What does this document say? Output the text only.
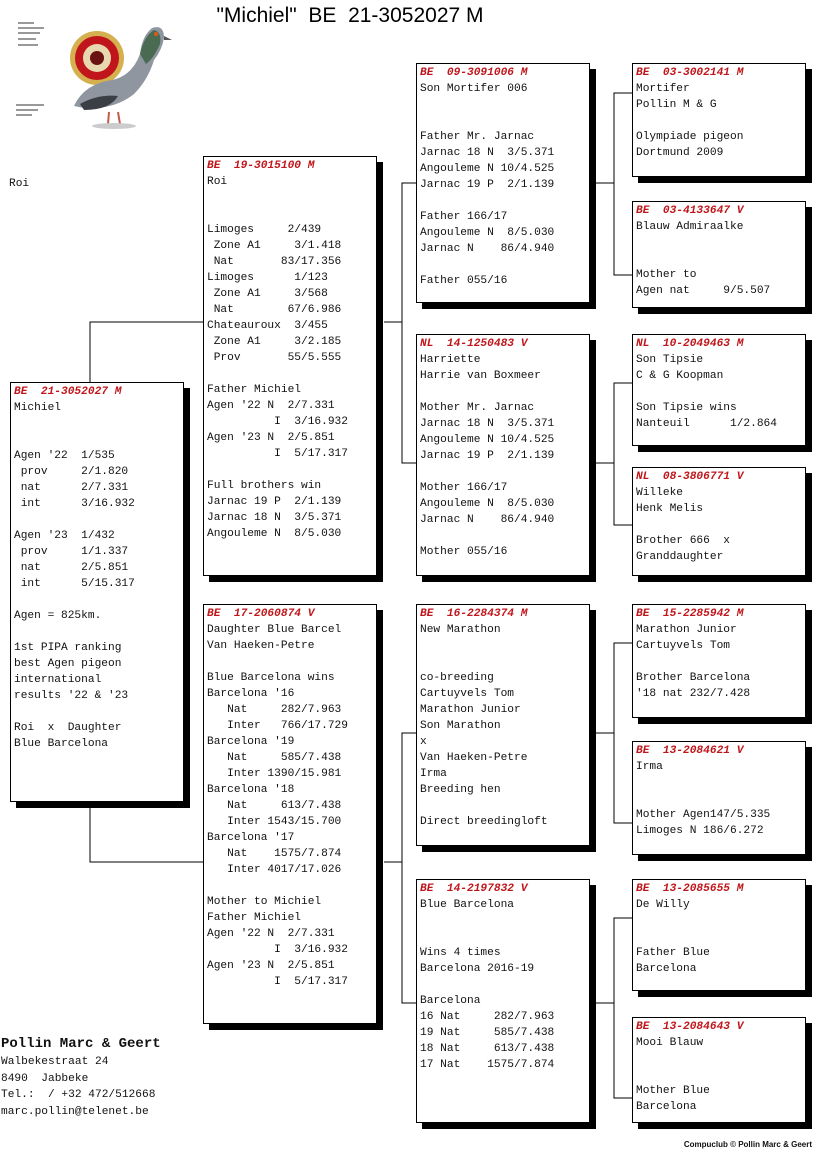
"Michiel"  BE  21-3052027 M
Roi
BE  21-3052027 M
Michiel
Agen '22  1/535
prov     2/1.820
nat      2/7.331
int      3/16.932
Agen '23  1/432
prov     1/1.337
nat      2/5.851
int      5/15.317
Agen = 825km.
1st PIPA ranking
best Agen pigeon
international
results '22 & '23
Roi  x  Daughter
Blue Barcelona
BE  19-3015100 M
Roi
Limoges     2/439
Zone A1     3/1.418
Nat       83/17.356
Limoges      1/123
Zone A1     3/568
Nat        67/6.986
Chateauroux  3/455
Zone A1     3/2.185
Prov       55/5.555
Father Michiel
Agen '22 N  2/7.331
I  3/16.932
Agen '23 N  2/5.851
I  5/17.317
Full brothers win
Jarnac 19 P  2/1.139
Jarnac 18 N  3/5.371
Angouleme N  8/5.030
BE  17-2060874 V
Daughter Blue Barcel
Van Haeken-Petre
Blue Barcelona wins
Barcelona '16
Nat     282/7.963
Inter   766/17.729
Barcelona '19
Nat     585/7.438
Inter 1390/15.981
Barcelona '18
Nat     613/7.438
Inter 1543/15.700
Barcelona '17
Nat    1575/7.874
Inter 4017/17.026
Mother to Michiel
Father Michiel
Agen '22 N  2/7.331
I  3/16.932
Agen '23 N  2/5.851
I  5/17.317
BE  09-3091006 M
Son Mortifer 006
Father Mr. Jarnac
Jarnac 18 N  3/5.371
Angouleme N 10/4.525
Jarnac 19 P  2/1.139
Father 166/17
Angouleme N  8/5.030
Jarnac N    86/4.940
Father 055/16
NL  14-1250483 V
Harriette
Harrie van Boxmeer
Mother Mr. Jarnac
Jarnac 18 N  3/5.371
Angouleme N 10/4.525
Jarnac 19 P  2/1.139
Mother 166/17
Angouleme N  8/5.030
Jarnac N    86/4.940
Mother 055/16
BE  16-2284374 M
New Marathon
co-breeding
Cartuyvels Tom
Marathon Junior
Son Marathon
x
Van Haeken-Petre
Irma
Breeding hen
Direct breedingloft
BE  14-2197832 V
Blue Barcelona
Wins 4 times
Barcelona 2016-19
Barcelona
16 Nat     282/7.963
19 Nat     585/7.438
18 Nat     613/7.438
17 Nat    1575/7.874
BE  03-3002141 M
Mortifer
Pollin M & G
Olympiade pigeon
Dortmund 2009
BE  03-4133647 V
Blauw Admiraalke
Mother to
Agen nat     9/5.507
NL  10-2049463 M
Son Tipsie
C & G Koopman
Son Tipsie wins
Nanteuil      1/2.864
NL  08-3806771 V
Willeke
Henk Melis
Brother 666  x
Granddaughter
BE  15-2285942 M
Marathon Junior
Cartuyvels Tom
Brother Barcelona
'18 nat 232/7.428
BE  13-2084621 V
Irma
Mother Agen147/5.335
Limoges N 186/6.272
BE  13-2085655 M
De Willy
Father Blue
Barcelona
BE  13-2084643 V
Mooi Blauw
Mother Blue
Barcelona
Pollin Marc & Geert
Walbekestraat 24
8490  Jabbeke
Tel.:  / +32 472/512668
marc.pollin@telenet.be
Compuclub © Pollin Marc & Geert
